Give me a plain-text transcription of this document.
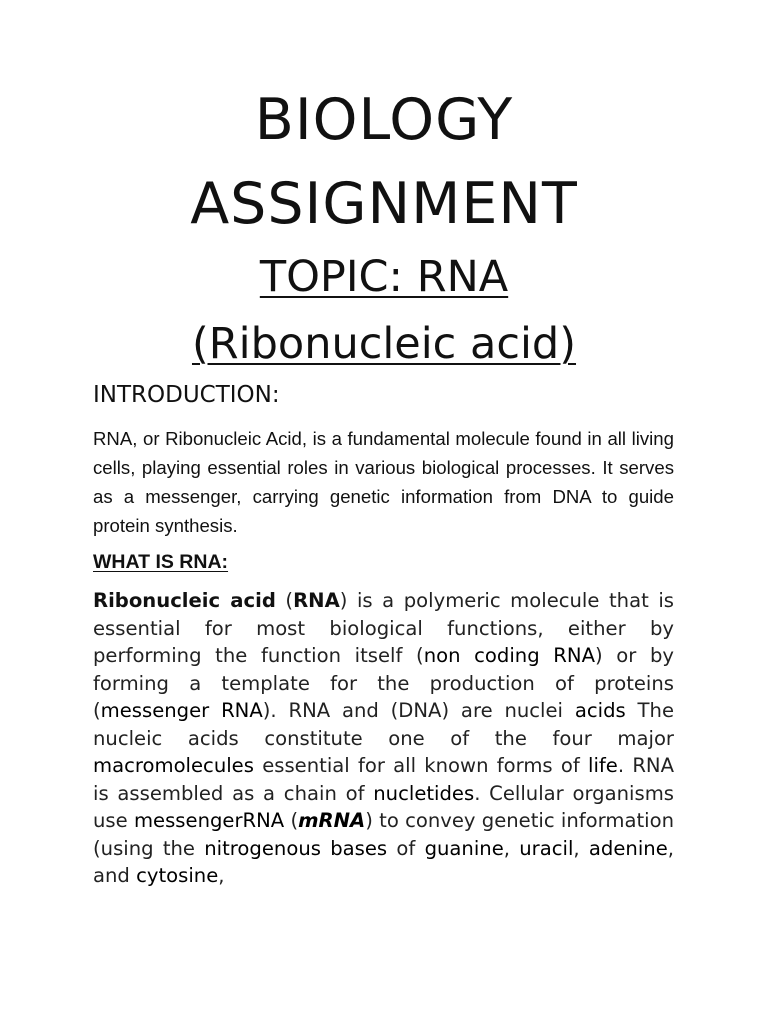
BIOLOGY
ASSIGNMENT
TOPIC: RNA
(Ribonucleic acid)
INTRODUCTION:
RNA, or Ribonucleic Acid, is a fundamental molecule found in all living cells, playing essential roles in various biological processes. It serves as a messenger, carrying genetic information from DNA to guide protein synthesis.
WHAT IS RNA:
Ribonucleic acid (RNA) is a polymeric molecule that is essential for most biological functions, either by performing the function itself (non coding RNA) or by forming a template for the production of proteins (messenger RNA). RNA and (DNA) are nuclei acids The nucleic acids constitute one of the four major macromolecules essential for all known forms of life. RNA is assembled as a chain of nucletides. Cellular organisms use messengerRNA (mRNA) to convey genetic information (using the nitrogenous bases of guanine, uracil, adenine, and cytosine,
